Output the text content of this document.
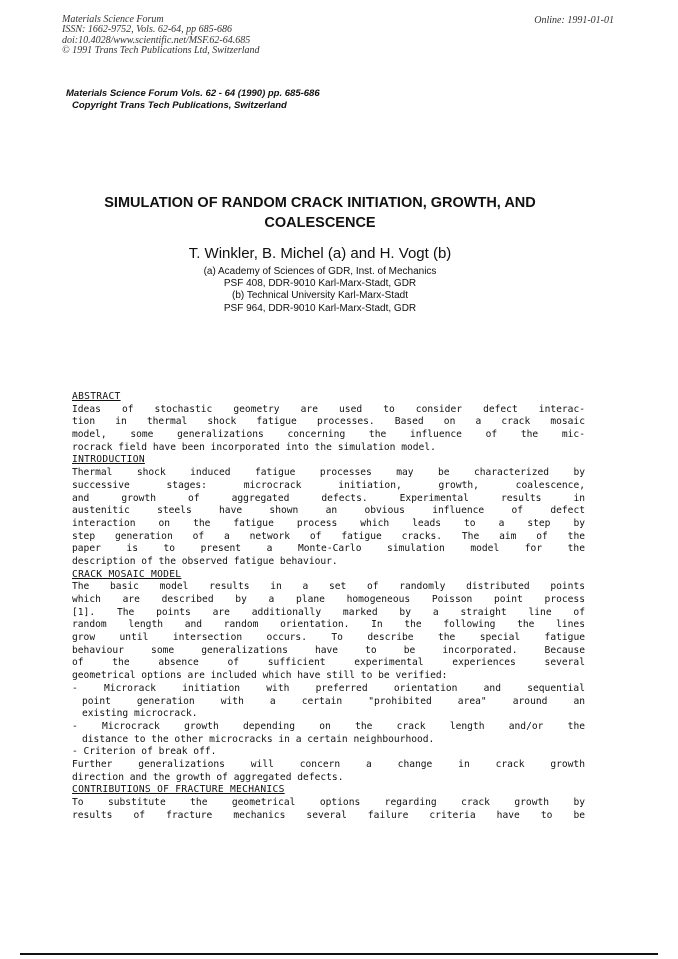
Materials Science Forum
ISSN: 1662-9752, Vols. 62-64, pp 685-686
doi:10.4028/www.scientific.net/MSF.62-64.685
© 1991 Trans Tech Publications Ltd, Switzerland
Online: 1991-01-01
Materials Science Forum Vols. 62 - 64 (1990) pp. 685-686
Copyright Trans Tech Publications, Switzerland
SIMULATION OF RANDOM CRACK INITIATION, GROWTH, AND
COALESCENCE
T. Winkler, B. Michel (a) and H. Vogt (b)
(a) Academy of Sciences of GDR, Inst. of Mechanics
PSF 408, DDR-9010 Karl-Marx-Stadt, GDR
(b) Technical University Karl-Marx-Stadt
PSF 964, DDR-9010 Karl-Marx-Stadt, GDR
ABSTRACT
Ideas of stochastic geometry are used to consider defect interac-
tion in thermal shock fatigue processes. Based on a crack mosaic
model, some generalizations concerning the influence of the mic-
rocrack field have been incorporated into the simulation model.
INTRODUCTION
Thermal shock induced fatigue processes may be characterized by
successive stages: microcrack initiation, growth, coalescence,
and growth of aggregated defects. Experimental results in
austenitic steels have shown an obvious influence of defect
interaction on the fatigue process which leads to a step by
step generation of a network of fatigue cracks. The aim of the
paper is to present a Monte-Carlo simulation model for the
description of the observed fatigue behaviour.
CRACK MOSAIC MODEL
The basic model results in a set of randomly distributed points
which are described by a plane homogeneous Poisson point process
[1]. The points are additionally marked by a straight line of
random length and random orientation. In the following the lines
grow until intersection occurs. To describe the special fatigue
behaviour some generalizations have to be incorporated. Because
of the absence of sufficient experimental experiences several
geometrical options are included which have still to be verified:
- Microrack initiation with preferred orientation and sequential
point generation with a certain "prohibited area" around an
existing microcrack.
- Microcrack growth depending on the crack length and/or the
distance to the other microcracks in a certain neighbourhood.
- Criterion of break off.
Further generalizations will concern a change in crack growth
direction and the growth of aggregated defects.
CONTRIBUTIONS OF FRACTURE MECHANICS
To substitute the geometrical options regarding crack growth by
results of fracture mechanics several failure criteria have to be
